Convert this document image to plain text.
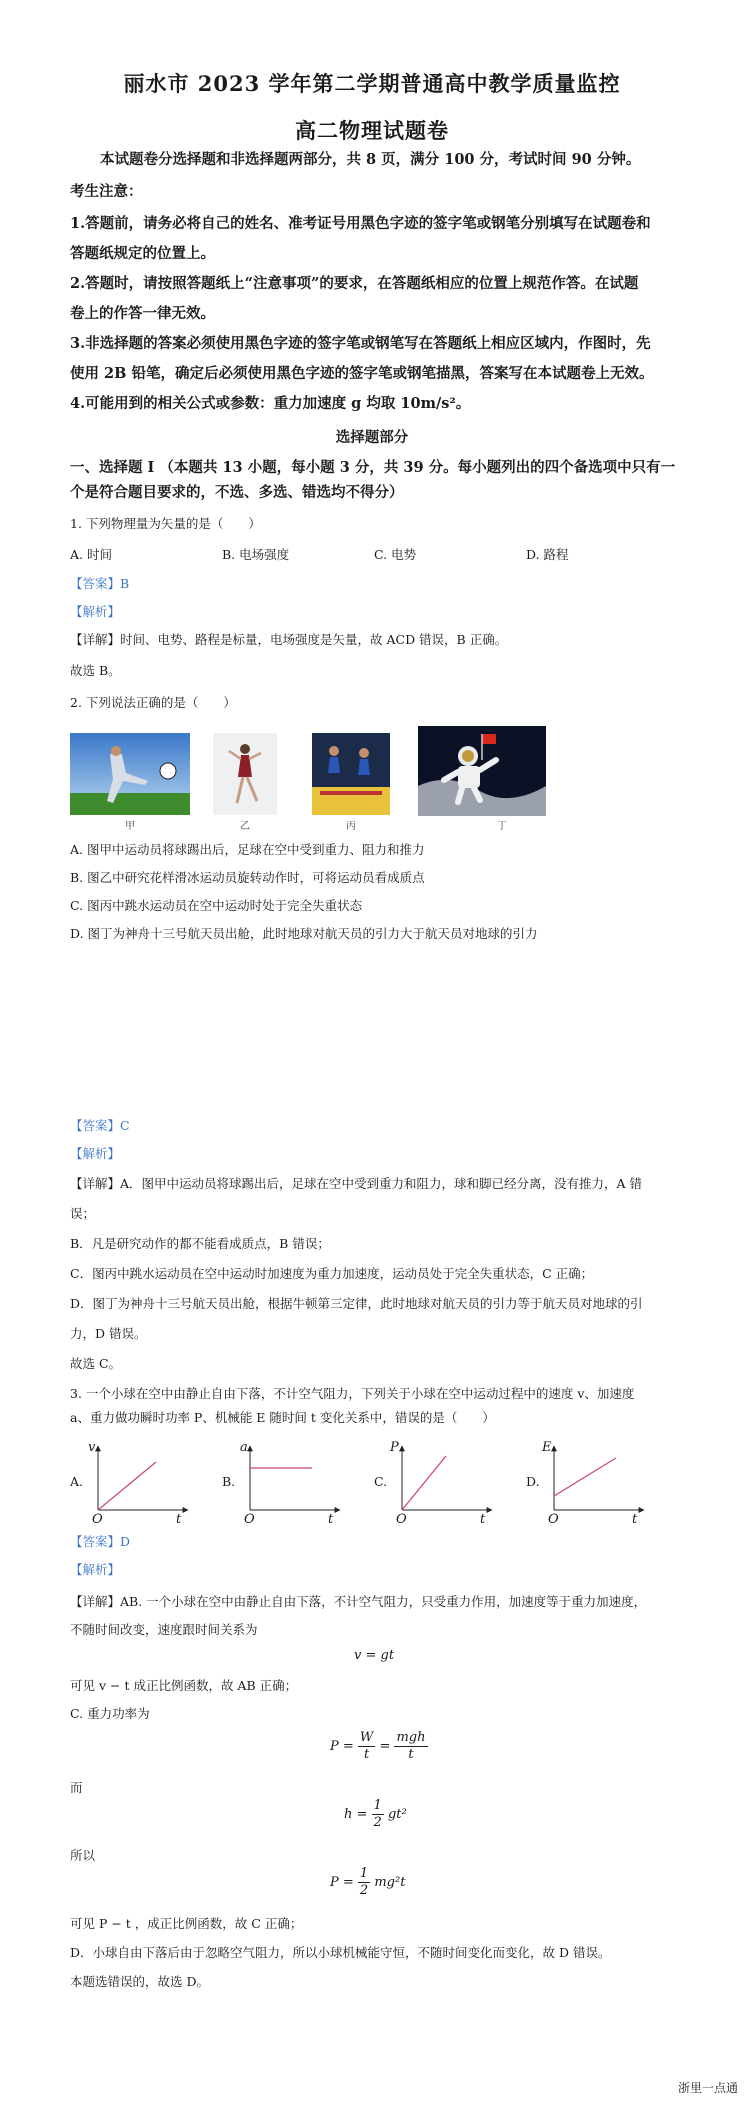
丽水市 2023 学年第二学期普通高中教学质量监控
高二物理试题卷
本试题卷分选择题和非选择题两部分，共 8 页，满分 100 分，考试时间 90 分钟。
考生注意：
1.答题前，请务必将自己的姓名、准考证号用黑色字迹的签字笔或钢笔分别填写在试题卷和
答题纸规定的位置上。
2.答题时，请按照答题纸上“注意事项”的要求，在答题纸相应的位置上规范作答。在试题
卷上的作答一律无效。
3.非选择题的答案必须使用黑色字迹的签字笔或钢笔写在答题纸上相应区域内，作图时，先
使用 2B 铅笔，确定后必须使用黑色字迹的签字笔或钢笔描黑，答案写在本试题卷上无效。
4.可能用到的相关公式或参数：重力加速度 g 均取 10m/s²。
选择题部分
一、选择题 I （本题共 13 小题，每小题 3 分，共 39 分。每小题列出的四个备选项中只有一
个是符合题目要求的，不选、多选、错选均不得分）
1. 下列物理量为矢量的是（　　）
A. 时间	B. 电场强度	C. 电势	D. 路程
【答案】B
【解析】
【详解】时间、电势、路程是标量，电场强度是矢量，故 ACD 错误，B 正确。
故选 B。
2. 下列说法正确的是（　　）
甲	乙	丙	丁
A. 图甲中运动员将球踢出后，足球在空中受到重力、阻力和推力
B. 图乙中研究花样滑冰运动员旋转动作时，可将运动员看成质点
C. 图丙中跳水运动员在空中运动时处于完全失重状态
D. 图丁为神舟十三号航天员出舱，此时地球对航天员的引力大于航天员对地球的引力
【答案】C
【解析】
【详解】A．图甲中运动员将球踢出后，足球在空中受到重力和阻力，球和脚已经分离，没有推力，A 错
误；
B．凡是研究动作的都不能看成质点，B 错误；
C．图丙中跳水运动员在空中运动时加速度为重力加速度，运动员处于完全失重状态，C 正确；
D．图丁为神舟十三号航天员出舱，根据牛顿第三定律，此时地球对航天员的引力等于航天员对地球的引
力，D 错误。
故选 C。
3. 一个小球在空中由静止自由下落，不计空气阻力，下列关于小球在空中运动过程中的速度 v、加速度
a、重力做功瞬时功率 P、机械能 E 随时间 t 变化关系中，错误的是（　　）
A.
v
t
O
B.
a
t
O
C.
P
t
O
D.
E
t
O
【答案】D
【解析】
【详解】AB. 一个小球在空中由静止自由下落，不计空气阻力，只受重力作用，加速度等于重力加速度，
不随时间改变，速度跟时间关系为
v = gt
可见 v − t 成正比例函数，故 AB 正确；
C. 重力功率为
$P = \frac{W}{t} = \frac{\text{mgh}}{t}$
而
$h = \frac{1}{2} gt^2$
所以
$P = \frac{1}{2} mg^2t$
可见 P − t ，成正比例函数，故 C 正确；
D．小球自由下落后由于忽略空气阻力，所以小球机械能守恒，不随时间变化而变化，故 D 错误。
本题选错误的，故选 D。
浙里一点通
